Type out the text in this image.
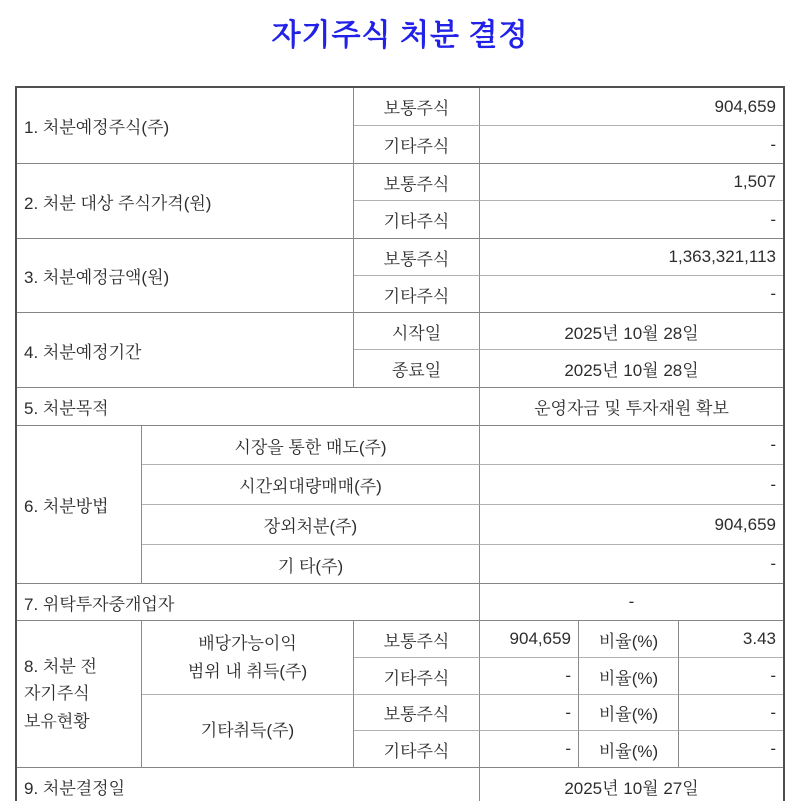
자기주식 처분 결정
1. 처분예정주식(주)
보통주식	904,659
기타주식	-
2. 처분 대상 주식가격(원)
보통주식	1,507
기타주식	-
3. 처분예정금액(원)
보통주식	1,363,321,113
기타주식	-
4. 처분예정기간
시작일	2025년 10월 28일
종료일	2025년 10월 28일
5. 처분목적	운영자금 및 투자재원 확보
6. 처분방법
시장을 통한 매도(주)	-
시간외대량매매(주)	-
장외처분(주)	904,659
기 타(주)	-
7. 위탁투자중개업자	-
8. 처분 전
자기주식
보유현황
배당가능이익
범위 내 취득(주)
보통주식	904,659	비율(%)	3.43
기타주식	-	비율(%)	-
기타취득(주)
보통주식	-	비율(%)	-
기타주식	-	비율(%)	-
9. 처분결정일	2025년 10월 27일
